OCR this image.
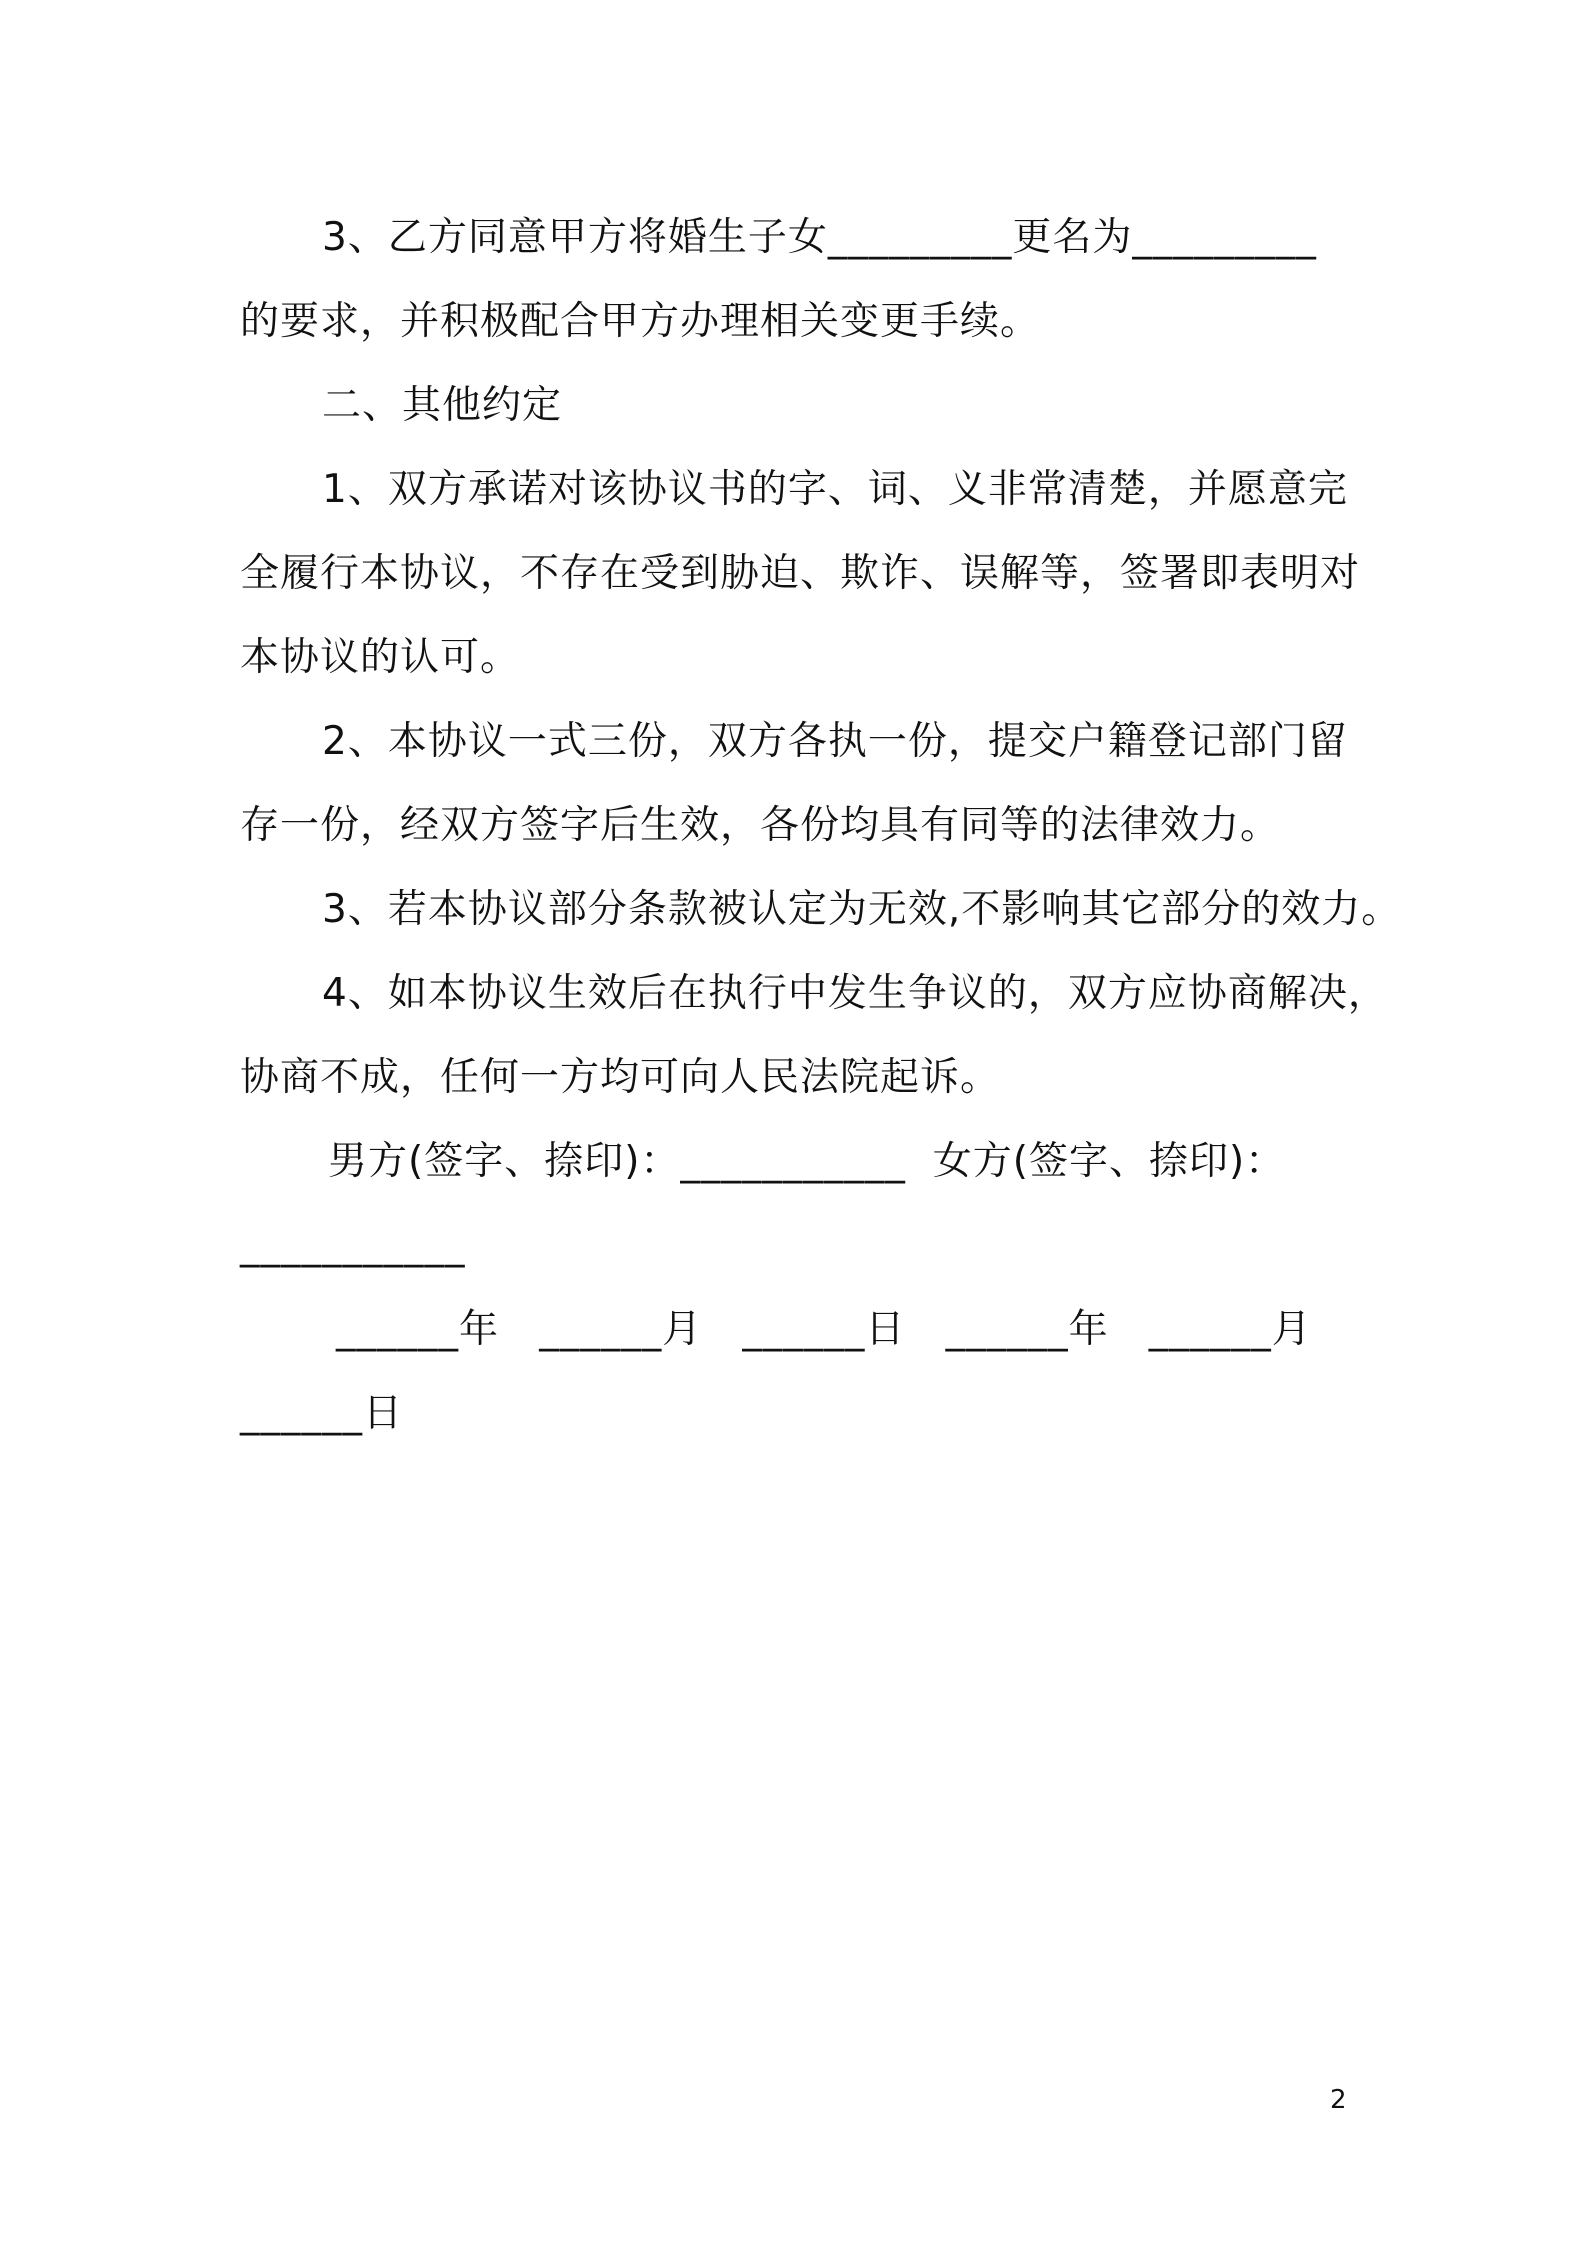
3、乙方同意甲方将婚生子女_________更名为_________
的要求，并积极配合甲方办理相关变更手续。
二、其他约定
1、双方承诺对该协议书的字、词、义非常清楚，并愿意完
全履行本协议，不存在受到胁迫、欺诈、误解等，签署即表明对
本协议的认可。
2、本协议一式三份，双方各执一份，提交户籍登记部门留
存一份，经双方签字后生效，各份均具有同等的法律效力。
3、若本协议部分条款被认定为无效,不影响其它部分的效力。
4、如本协议生效后在执行中发生争议的，双方应协商解决，
协商不成，任何一方均可向人民法院起诉。
男方(签字、捺印)：___________  女方(签字、捺印)：
___________
______年   ______月   ______日   ______年   ______月
______日
2
